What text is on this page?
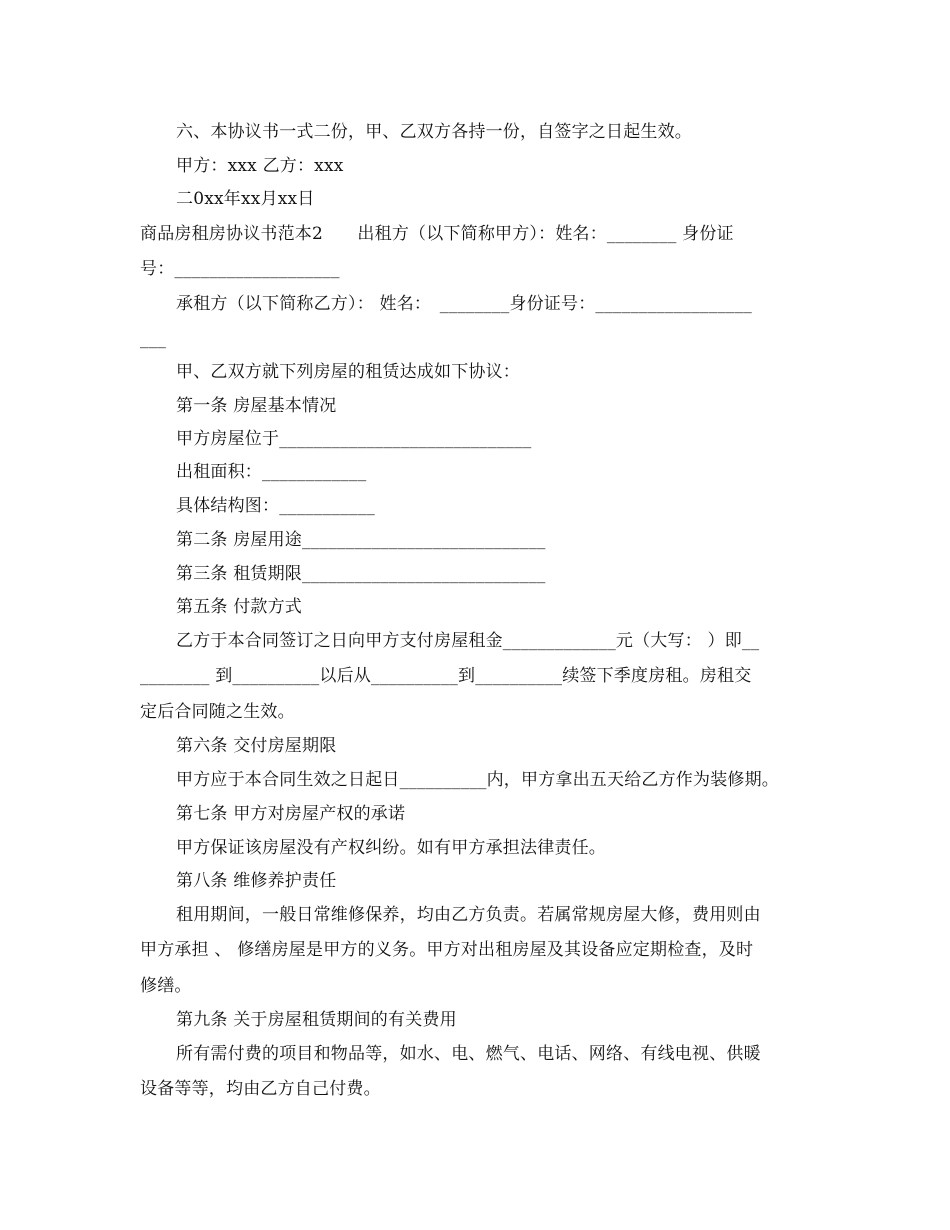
六、本协议书一式二份，甲、乙双方各持一份，自签字之日起生效。
甲方：xxx 乙方：xxx
二0xx年xx月xx日
商品房租房协议书范本2　　出租方（以下简称甲方）：姓名：________ 身份证
号：___________________
承租方（以下简称乙方）： 姓名：　________身份证号：__________________
___
甲、乙双方就下列房屋的租赁达成如下协议：
第一条 房屋基本情况
甲方房屋位于_____________________________
出租面积：____________
具体结构图：___________
第二条 房屋用途____________________________
第三条 租赁期限____________________________
第五条 付款方式
乙方于本合同签订之日向甲方支付房屋租金_____________元（大写： ）即__
________ 到__________以后从__________到__________续签下季度房租。房租交
定后合同随之生效。
第六条 交付房屋期限
甲方应于本合同生效之日起日__________内，甲方拿出五天给乙方作为装修期。
第七条 甲方对房屋产权的承诺
甲方保证该房屋没有产权纠纷。如有甲方承担法律责任。
第八条 维修养护责任
租用期间，一般日常维修保养，均由乙方负责。若属常规房屋大修，费用则由
甲方承担 、 修缮房屋是甲方的义务。甲方对出租房屋及其设备应定期检查，及时
修缮。
第九条 关于房屋租赁期间的有关费用
所有需付费的项目和物品等，如水、电、燃气、电话、网络、有线电视、供暖
设备等等，均由乙方自己付费。
